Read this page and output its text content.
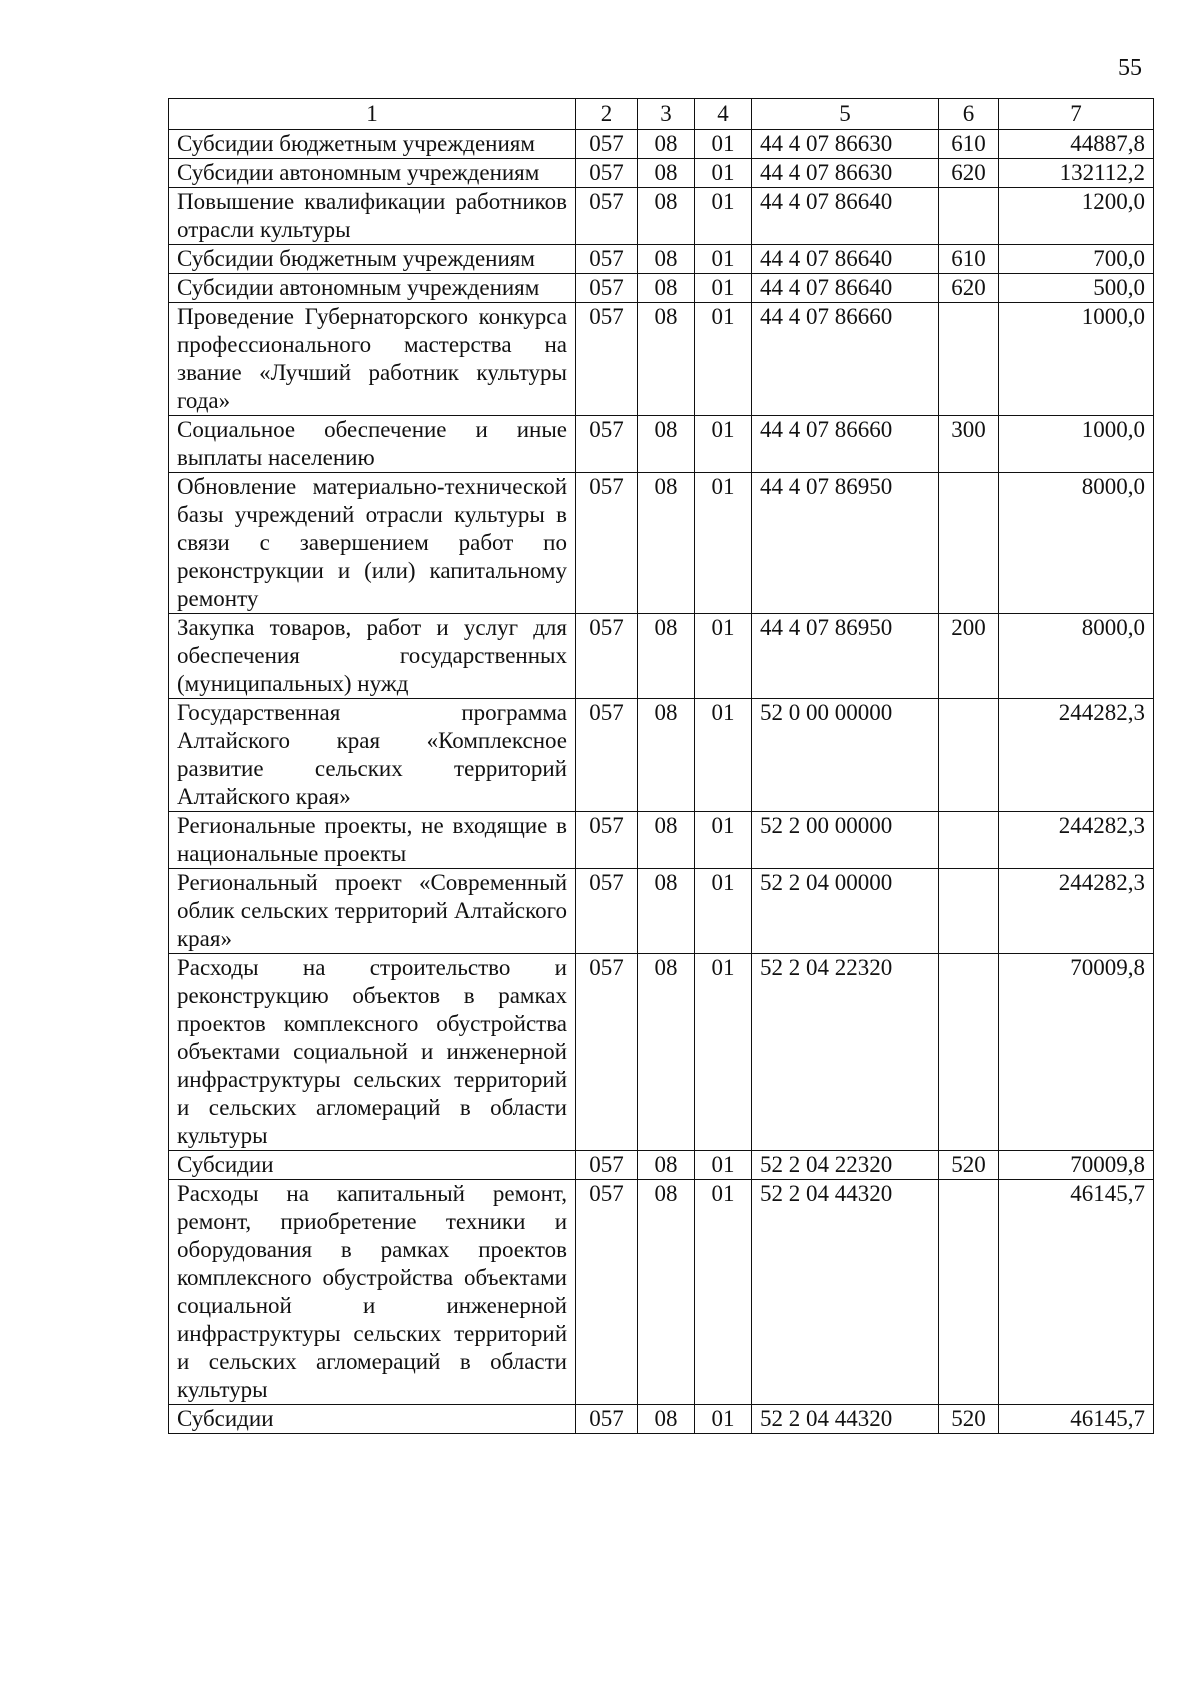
55
1	2	3	4	5	6	7
Субсидии бюджетным учреждениям	057	08	01	44 4 07 86630	610	44887,8
Субсидии автономным учреждениям	057	08	01	44 4 07 86630	620	132112,2
Повышение квалификации работников отрасли культуры	057	08	01	44 4 07 86640		1200,0
Субсидии бюджетным учреждениям	057	08	01	44 4 07 86640	610	700,0
Субсидии автономным учреждениям	057	08	01	44 4 07 86640	620	500,0
Проведение Губернаторского конкурса профессионального мастерства на звание «Лучший работник культуры года»	057	08	01	44 4 07 86660		1000,0
Социальное обеспечение и иные выплаты населению	057	08	01	44 4 07 86660	300	1000,0
Обновление материально-технической базы учреждений отрасли культуры в связи с завершением работ по реконструкции и (или) капитальному ремонту	057	08	01	44 4 07 86950		8000,0
Закупка товаров, работ и услуг для обеспечения государственных (муниципальных) нужд	057	08	01	44 4 07 86950	200	8000,0
Государственная программа Алтайского края «Комплексное развитие сельских территорий Алтайского края»	057	08	01	52 0 00 00000		244282,3
Региональные проекты, не входящие в национальные проекты	057	08	01	52 2 00 00000		244282,3
Региональный проект «Современный облик сельских территорий Алтайского края»	057	08	01	52 2 04 00000		244282,3
Расходы на строительство и реконструкцию объектов в рамках проектов комплексного обустройства объектами социальной и инженерной инфраструктуры сельских территорий и сельских агломераций в области культуры	057	08	01	52 2 04 22320		70009,8
Субсидии	057	08	01	52 2 04 22320	520	70009,8
Расходы на капитальный ремонт, ремонт, приобретение техники и оборудования в рамках проектов комплексного обустройства объектами социальной и инженерной инфраструктуры сельских территорий и сельских агломераций в области культуры	057	08	01	52 2 04 44320		46145,7
Субсидии	057	08	01	52 2 04 44320	520	46145,7
